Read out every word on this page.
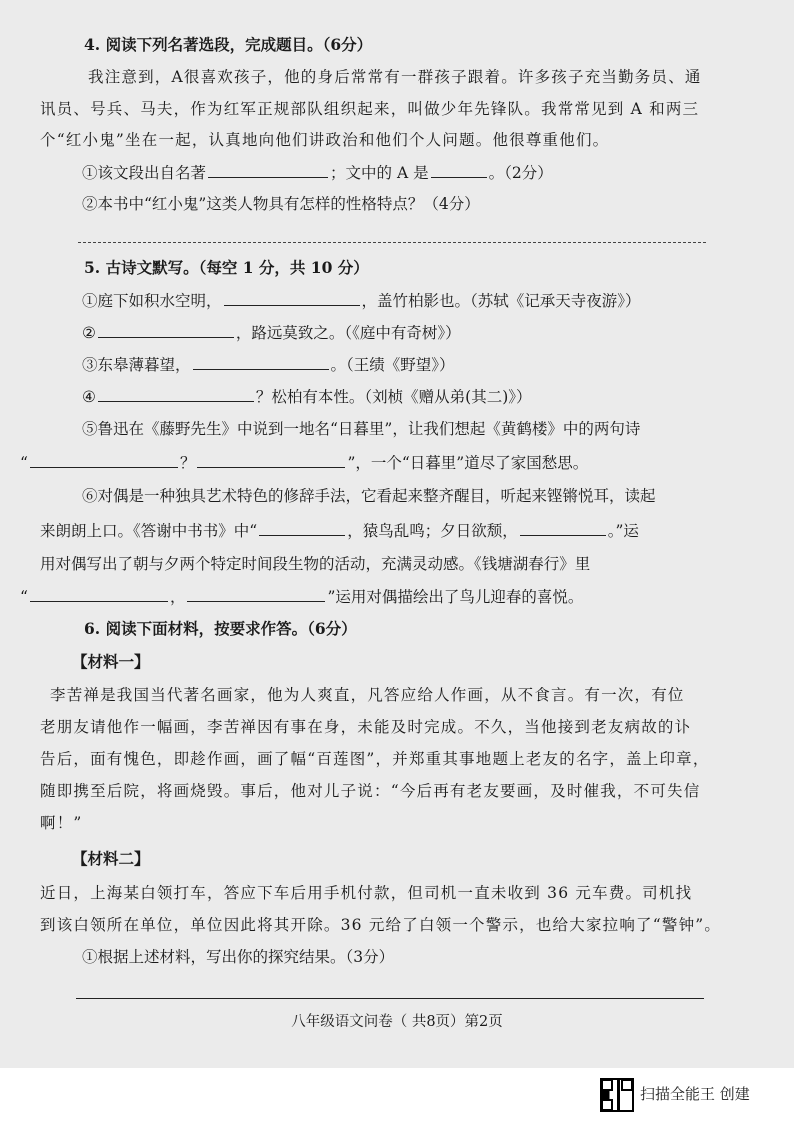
4. 阅读下列名著选段，完成题目。（6分）
我注意到，A很喜欢孩子，他的身后常常有一群孩子跟着。许多孩子充当勤务员、通
讯员、号兵、马夫，作为红军正规部队组织起来，叫做少年先锋队。我常常见到 A 和两三
个“红小鬼”坐在一起，认真地向他们讲政治和他们个人问题。他很尊重他们。
①该文段出自名著	；文中的 A 是	。（2分）
②本书中“红小鬼”这类人物具有怎样的性格特点？（4分）
5. 古诗文默写。（每空 1 分，共 10 分）
①庭下如积水空明，	，盖竹柏影也。（苏轼《记承天寺夜游》）
②	，路远莫致之。（《庭中有奇树》）
③东皋薄暮望，	。（王绩《野望》）
④	？松柏有本性。（刘桢《赠从弟(其二)》）
⑤鲁迅在《藤野先生》中说到一地名“日暮里”，让我们想起《黄鹤楼》中的两句诗
“	？	”，一个“日暮里”道尽了家国愁思。
⑥对偶是一种独具艺术特色的修辞手法，它看起来整齐醒目，听起来铿锵悦耳，读起
来朗朗上口。《答谢中书书》中“	，猿鸟乱鸣；夕日欲颓，	。”运
用对偶写出了朝与夕两个特定时间段生物的活动，充满灵动感。《钱塘湖春行》里
“	，	”运用对偶描绘出了鸟儿迎春的喜悦。
6. 阅读下面材料，按要求作答。（6分）
【材料一】
李苦禅是我国当代著名画家，他为人爽直，凡答应给人作画，从不食言。有一次，有位
老朋友请他作一幅画，李苦禅因有事在身，未能及时完成。不久，当他接到老友病故的讣
告后，面有愧色，即趁作画，画了幅“百莲图”，并郑重其事地题上老友的名字，盖上印章，
随即携至后院，将画烧毁。事后，他对儿子说：“今后再有老友要画，及时催我，不可失信
啊！”
【材料二】
近日，上海某白领打车，答应下车后用手机付款，但司机一直未收到 36 元车费。司机找
到该白领所在单位，单位因此将其开除。36 元给了白领一个警示，也给大家拉响了“警钟”。
①根据上述材料，写出你的探究结果。（3分）
八年级语文问卷（ 共8页）第2页
扫描全能王 创建
